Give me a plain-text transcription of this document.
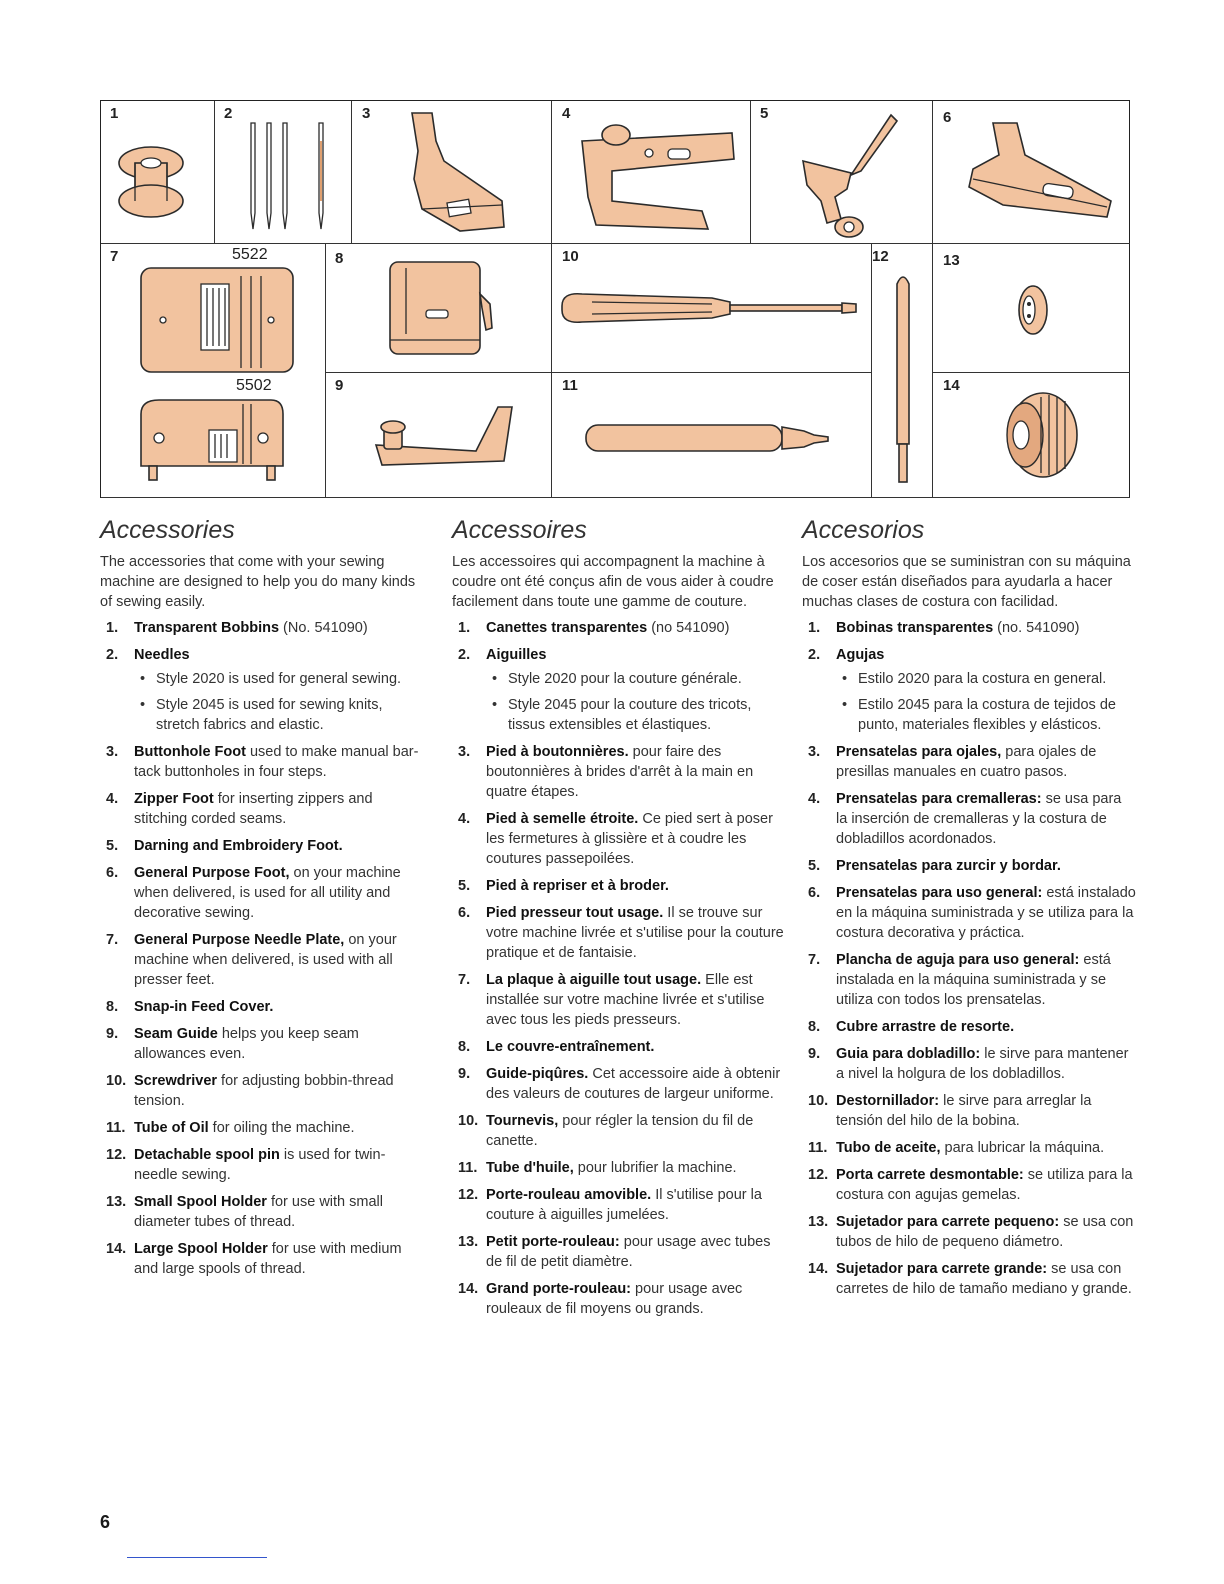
1	2	3	4	5	6
7	5522
5502
8
9
10
11
12	13
14
Accessories

The accessories that come with your sewing machine are designed to help you do many kinds of sewing easily.

1. Transparent Bobbins (No. 541090)
2. Needles
• Style 2020 is used for general sewing.
• Style 2045 is used for sewing knits, stretch fabrics and elastic.
3. Buttonhole Foot used to make manual bar-tack buttonholes in four steps.
4. Zipper Foot for inserting zippers and stitching corded seams.
5. Darning and Embroidery Foot.
6. General Purpose Foot, on your machine when delivered, is used for all utility and decorative sewing.
7. General Purpose Needle Plate, on your machine when delivered, is used with all presser feet.
8. Snap-in Feed Cover.
9. Seam Guide helps you keep seam allowances even.
10. Screwdriver for adjusting bobbin-thread tension.
11. Tube of Oil for oiling the machine.
12. Detachable spool pin is used for twin-needle sewing.
13. Small Spool Holder for use with small diameter tubes of thread.
14. Large Spool Holder for use with medium and large spools of thread.
Accessoires

Les accessoires qui accompagnent la machine à coudre ont été conçus afin de vous aider à coudre facilement dans toute une gamme de couture.

1. Canettes transparentes (no 541090)
2. Aiguilles
• Style 2020 pour la couture générale.
• Style 2045 pour la couture des tricots, tissus extensibles et élastiques.
3. Pied à boutonnières. pour faire des boutonnières à brides d'arrêt à la main en quatre étapes.
4. Pied à semelle étroite. Ce pied sert à poser les fermetures à glissière et à coudre les coutures passepoilées.
5. Pied à repriser et à broder.
6. Pied presseur tout usage. Il se trouve sur votre machine livrée et s'utilise pour la couture pratique et de fantaisie.
7. La plaque à aiguille tout usage. Elle est installée sur votre machine livrée et s'utilise avec tous les pieds presseurs.
8. Le couvre-entraînement.
9. Guide-piqûres. Cet accessoire aide à obtenir des valeurs de coutures de largeur uniforme.
10. Tournevis, pour régler la tension du fil de canette.
11. Tube d'huile, pour lubrifier la machine.
12. Porte-rouleau amovible. Il s'utilise pour la couture à aiguilles jumelées.
13. Petit porte-rouleau: pour usage avec tubes de fil de petit diamètre.
14. Grand porte-rouleau: pour usage avec rouleaux de fil moyens ou grands.
Accesorios

Los accesorios que se suministran con su máquina de coser están diseñados para ayudarla a hacer muchas clases de costura con facilidad.

1. Bobinas transparentes (no. 541090)
2. Agujas
• Estilo 2020 para la costura en general.
• Estilo 2045 para la costura de tejidos de punto, materiales flexibles y elásticos.
3. Prensatelas para ojales, para ojales de presillas manuales en cuatro pasos.
4. Prensatelas para cremalleras: se usa para la inserción de cremalleras y la costura de dobladillos acordonados.
5. Prensatelas para zurcir y bordar.
6. Prensatelas para uso general: está instalado en la máquina suministrada y se utiliza para la costura decorativa y práctica.
7. Plancha de aguja para uso general: está instalada en la máquina suministrada y se utiliza con todos los prensatelas.
8. Cubre arrastre de resorte.
9. Guia para dobladillo: le sirve para mantener a nivel la holgura de los dobladillos.
10. Destornillador: le sirve para arreglar la tensión del hilo de la bobina.
11. Tubo de aceite, para lubricar la máquina.
12. Porta carrete desmontable: se utiliza para la costura con agujas gemelas.
13. Sujetador para carrete pequeno: se usa con tubos de hilo de pequeno diámetro.
14. Sujetador para carrete grande: se usa con carretes de hilo de tamaño mediano y grande.
6
